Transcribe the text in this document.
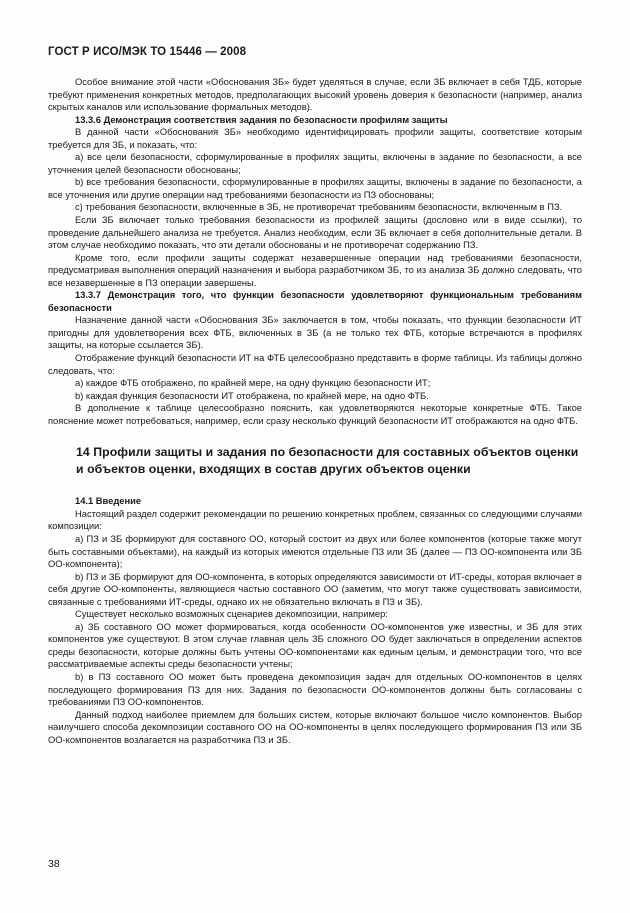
ГОСТ Р ИСО/МЭК ТО 15446 — 2008

Особое внимание этой части «Обоснования ЗБ» будет уделяться в случае, если ЗБ включает в себя ТДБ, которые требуют применения конкретных методов, предполагающих высокий уровень доверия к безопасности (например, анализ скрытых каналов или использование формальных методов).

13.3.6 Демонстрация соответствия задания по безопасности профилям защиты

В данной части «Обоснования ЗБ» необходимо идентифицировать профили защиты, соответствие которым требуется для ЗБ, и показать, что:

a) все цели безопасности, сформулированные в профилях защиты, включены в задание по безопасности, а все уточнения целей безопасности обоснованы;

b) все требования безопасности, сформулированные в профилях защиты, включены в задание по безопасности, а все уточнения или другие операции над требованиями безопасности из ПЗ обоснованы;

c) требования безопасности, включенные в ЗБ, не противоречат требованиям безопасности, включенным в ПЗ.

Если ЗБ включает только требования безопасности из профилей защиты (дословно или в виде ссылки), то проведение дальнейшего анализа не требуется. Анализ необходим, если ЗБ включает в себя дополнительные детали. В этом случае необходимо показать, что эти детали обоснованы и не противоречат содержанию ПЗ.

Кроме того, если профили защиты содержат незавершенные операции над требованиями безопасности, предусматривая выполнения операций назначения и выбора разработчиком ЗБ, то из анализа ЗБ должно следовать, что все незавершенные в ПЗ операции завершены.

13.3.7 Демонстрация того, что функции безопасности удовлетворяют функциональным требованиям безопасности

Назначение данной части «Обоснования ЗБ» заключается в том, чтобы показать, что функции безопасности ИТ пригодны для удовлетворения всех ФТБ, включенных в ЗБ (а не только тех ФТБ, которые встречаются в профилях защиты, на которые ссылается ЗБ).

Отображение функций безопасности ИТ на ФТБ целесообразно представить в форме таблицы. Из таблицы должно следовать, что:

a) каждое ФТБ отображено, по крайней мере, на одну функцию безопасности ИТ;

b) каждая функция безопасности ИТ отображена, по крайней мере, на одно ФТБ.

В дополнение к таблице целесообразно пояснить, как удовлетворяются некоторые конкретные ФТБ. Такое пояснение может потребоваться, например, если сразу несколько функций безопасности ИТ отображаются на одно ФТБ.

14 Профили защиты и задания по безопасности для составных объектов оценки и объектов оценки, входящих в состав других объектов оценки

14.1 Введение

Настоящий раздел содержит рекомендации по решению конкретных проблем, связанных со следующими случаями композиции:

a) ПЗ и ЗБ формируют для составного ОО, который состоит из двух или более компонентов (которые также могут быть составными объектами), на каждый из которых имеются отдельные ПЗ или ЗБ (далее — ПЗ ОО-компонента или ЗБ ОО-компонента);

b) ПЗ и ЗБ формируют для ОО-компонента, в которых определяются зависимости от ИТ-среды, которая включает в себя другие ОО-компоненты, являющиеся частью составного ОО (заметим, что могут также существовать зависимости, связанные с требованиями ИТ-среды, однако их не обязательно включать в ПЗ и ЗБ).

Существует несколько возможных сценариев декомпозиции, например:

a) ЗБ составного ОО может формироваться, когда особенности ОО-компонентов уже известны, и ЗБ для этих компонентов уже существуют. В этом случае главная цель ЗБ сложного ОО будет заключаться в определении аспектов среды безопасности, которые должны быть учтены ОО-компонентами как единым целым, и демонстрации того, что все рассматриваемые аспекты среды безопасности учтены;

b) в ПЗ составного ОО может быть проведена декомпозиция задач для отдельных ОО-компонентов в целях последующего формирования ПЗ для них. Задания по безопасности ОО-компонентов должны быть согласованы с требованиями ПЗ ОО-компонентов.

Данный подход наиболее приемлем для больших систем, которые включают большое число компонентов. Выбор наилучшего способа декомпозиции составного ОО на ОО-компоненты в целях последующего формирования ПЗ или ЗБ ОО-компонентов возлагается на разработчика ПЗ и ЗБ.

38
